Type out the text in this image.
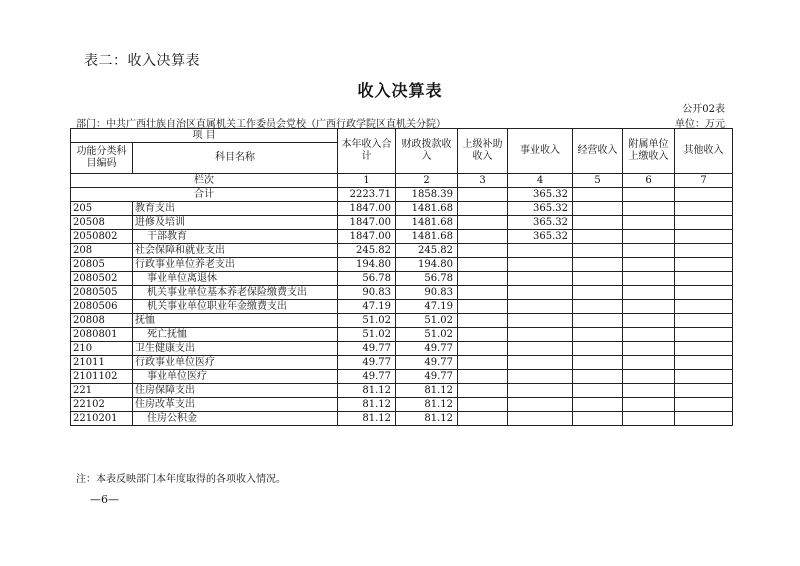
表二：收入决算表
收入决算表
公开02表
部门：中共广西壮族自治区直属机关工作委员会党校（广西行政学院区直机关分院）	单位：万元
项 目		本年收入合计	财政拨款收入	上级补助收入	事业收入	经营收入	附属单位上缴收入	其他收入
功能分类科目编码	科目名称							
栏次		1	2	3	4	5	6	7
合计		2223.71	1858.39		365.32			
205	教育支出	1847.00	1481.68		365.32			
20508	进修及培训	1847.00	1481.68		365.32			
2050802	干部教育	1847.00	1481.68		365.32			
208	社会保障和就业支出	245.82	245.82					
20805	行政事业单位养老支出	194.80	194.80					
2080502	事业单位离退休	56.78	56.78					
2080505	机关事业单位基本养老保险缴费支出	90.83	90.83					
2080506	机关事业单位职业年金缴费支出	47.19	47.19					
20808	抚恤	51.02	51.02					
2080801	死亡抚恤	51.02	51.02					
210	卫生健康支出	49.77	49.77					
21011	行政事业单位医疗	49.77	49.77					
2101102	事业单位医疗	49.77	49.77					
221	住房保障支出	81.12	81.12					
22102	住房改革支出	81.12	81.12					
2210201	住房公积金	81.12	81.12					
注：本表反映部门本年度取得的各项收入情况。
—6—
